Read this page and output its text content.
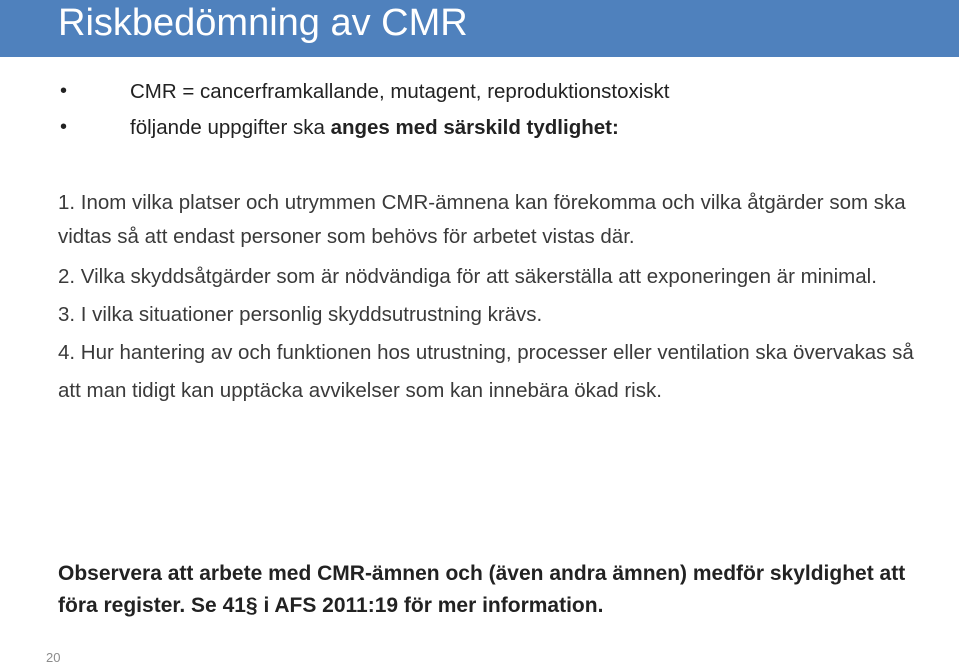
Riskbedömning av CMR
•	CMR = cancerframkallande, mutagent, reproduktionstoxiskt
•	följande uppgifter ska anges med särskild tydlighet:

1. Inom vilka platser och utrymmen CMR-ämnena kan förekomma och vilka åtgärder som ska vidtas så att endast personer som behövs för arbetet vistas där.

2. Vilka skyddsåtgärder som är nödvändiga för att säkerställa att exponeringen är minimal.

3. I vilka situationer personlig skyddsutrustning krävs.

4. Hur hantering av och funktionen hos utrustning, processer eller ventilation ska övervakas så att man tidigt kan upptäcka avvikelser som kan innebära ökad risk.

Observera att arbete med CMR-ämnen och (även andra ämnen) medför skyldighet att föra register. Se 41§ i AFS 2011:19 för mer information.

20
